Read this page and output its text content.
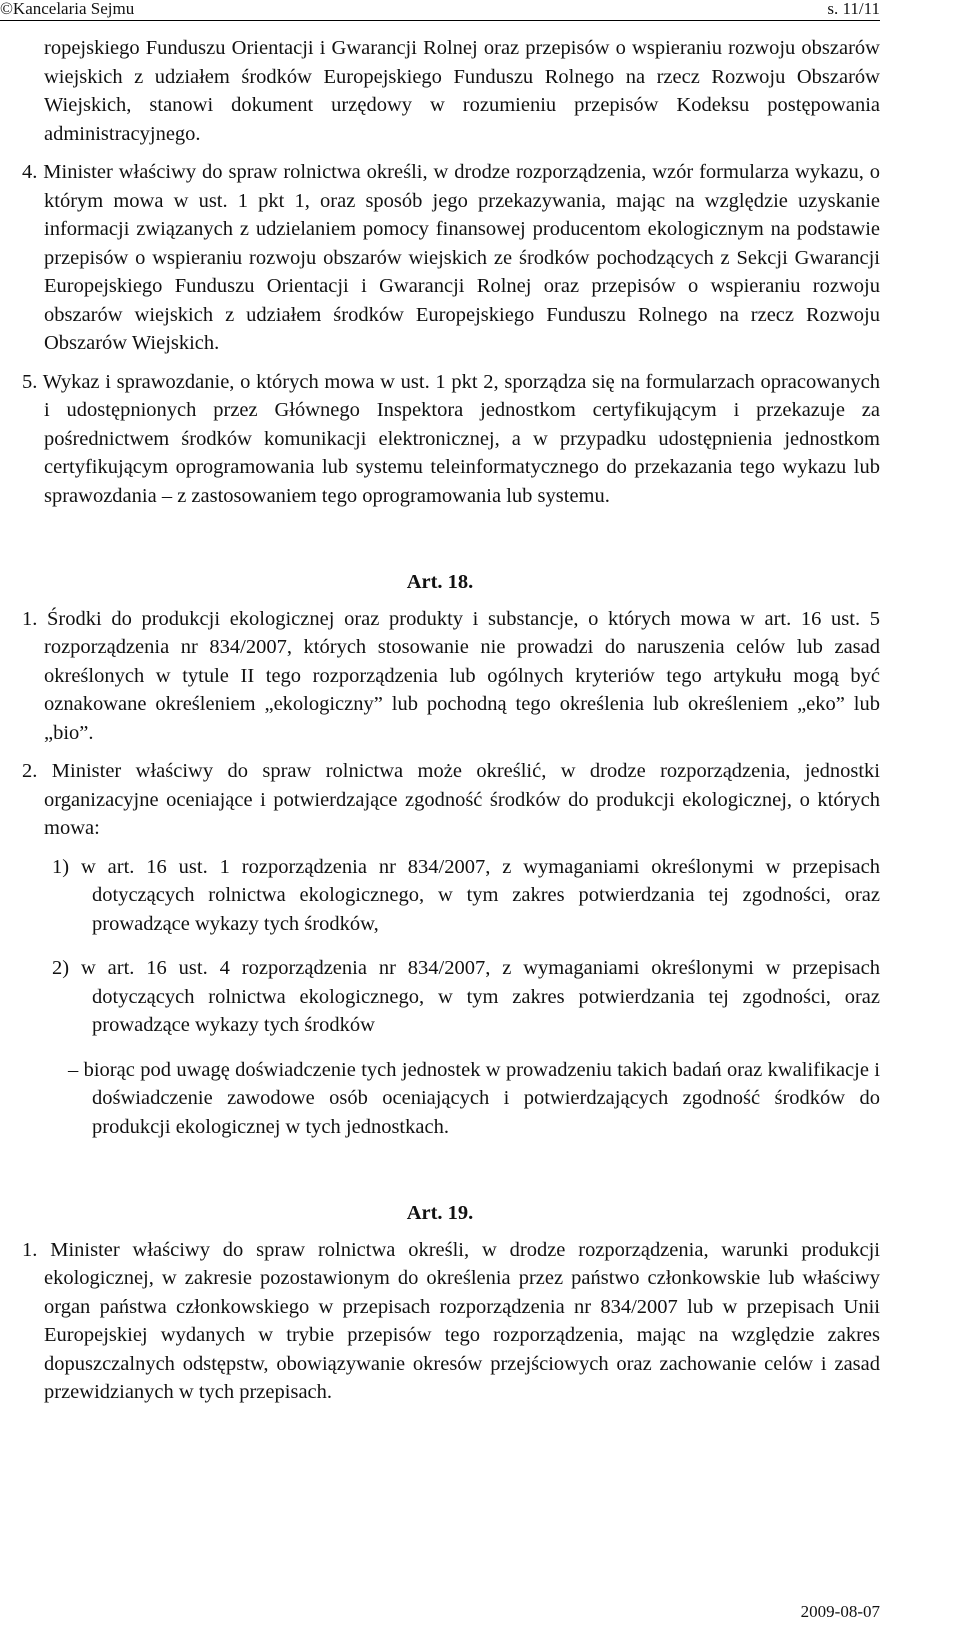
©Kancelaria Sejmu	s. 11/11

ropejskiego Funduszu Orientacji i Gwarancji Rolnej oraz przepisów o wspieraniu rozwoju obszarów wiejskich z udziałem środków Europejskiego Funduszu Rolnego na rzecz Rozwoju Obszarów Wiejskich, stanowi dokument urzędowy w rozumieniu przepisów Kodeksu postępowania administracyjnego.

4. Minister właściwy do spraw rolnictwa określi, w drodze rozporządzenia, wzór formularza wykazu, o którym mowa w ust. 1 pkt 1, oraz sposób jego przekazywania, mając na względzie uzyskanie informacji związanych z udzielaniem pomocy finansowej producentom ekologicznym na podstawie przepisów o wspieraniu rozwoju obszarów wiejskich ze środków pochodzących z Sekcji Gwarancji Europejskiego Funduszu Orientacji i Gwarancji Rolnej oraz przepisów o wspieraniu rozwoju obszarów wiejskich z udziałem środków Europejskiego Funduszu Rolnego na rzecz Rozwoju Obszarów Wiejskich.

5. Wykaz i sprawozdanie, o których mowa w ust. 1 pkt 2, sporządza się na formularzach opracowanych i udostępnionych przez Głównego Inspektora jednostkom certyfikującym i przekazuje za pośrednictwem środków komunikacji elektronicznej, a w przypadku udostępnienia jednostkom certyfikującym oprogramowania lub systemu teleinformatycznego do przekazania tego wykazu lub sprawozdania – z zastosowaniem tego oprogramowania lub systemu.

Art. 18.

1. Środki do produkcji ekologicznej oraz produkty i substancje, o których mowa w art. 16 ust. 5 rozporządzenia nr 834/2007, których stosowanie nie prowadzi do naruszenia celów lub zasad określonych w tytule II tego rozporządzenia lub ogólnych kryteriów tego artykułu mogą być oznakowane określeniem „ekologiczny” lub pochodną tego określenia lub określeniem „eko” lub „bio”.

2. Minister właściwy do spraw rolnictwa może określić, w drodze rozporządzenia, jednostki organizacyjne oceniające i potwierdzające zgodność środków do produkcji ekologicznej, o których mowa:

1) w art. 16 ust. 1 rozporządzenia nr 834/2007, z wymaganiami określonymi w przepisach dotyczących rolnictwa ekologicznego, w tym zakres potwierdzania tej zgodności, oraz prowadzące wykazy tych środków,

2) w art. 16 ust. 4 rozporządzenia nr 834/2007, z wymaganiami określonymi w przepisach dotyczących rolnictwa ekologicznego, w tym zakres potwierdzania tej zgodności, oraz prowadzące wykazy tych środków

– biorąc pod uwagę doświadczenie tych jednostek w prowadzeniu takich badań oraz kwalifikacje i doświadczenie zawodowe osób oceniających i potwierdzających zgodność środków do produkcji ekologicznej w tych jednostkach.

Art. 19.

1. Minister właściwy do spraw rolnictwa określi, w drodze rozporządzenia, warunki produkcji ekologicznej, w zakresie pozostawionym do określenia przez państwo członkowskie lub właściwy organ państwa członkowskiego w przepisach rozporządzenia nr 834/2007 lub w przepisach Unii Europejskiej wydanych w trybie przepisów tego rozporządzenia, mając na względzie zakres dopuszczalnych odstępstw, obowiązywanie okresów przejściowych oraz zachowanie celów i zasad przewidzianych w tych przepisach.

2009-08-07
